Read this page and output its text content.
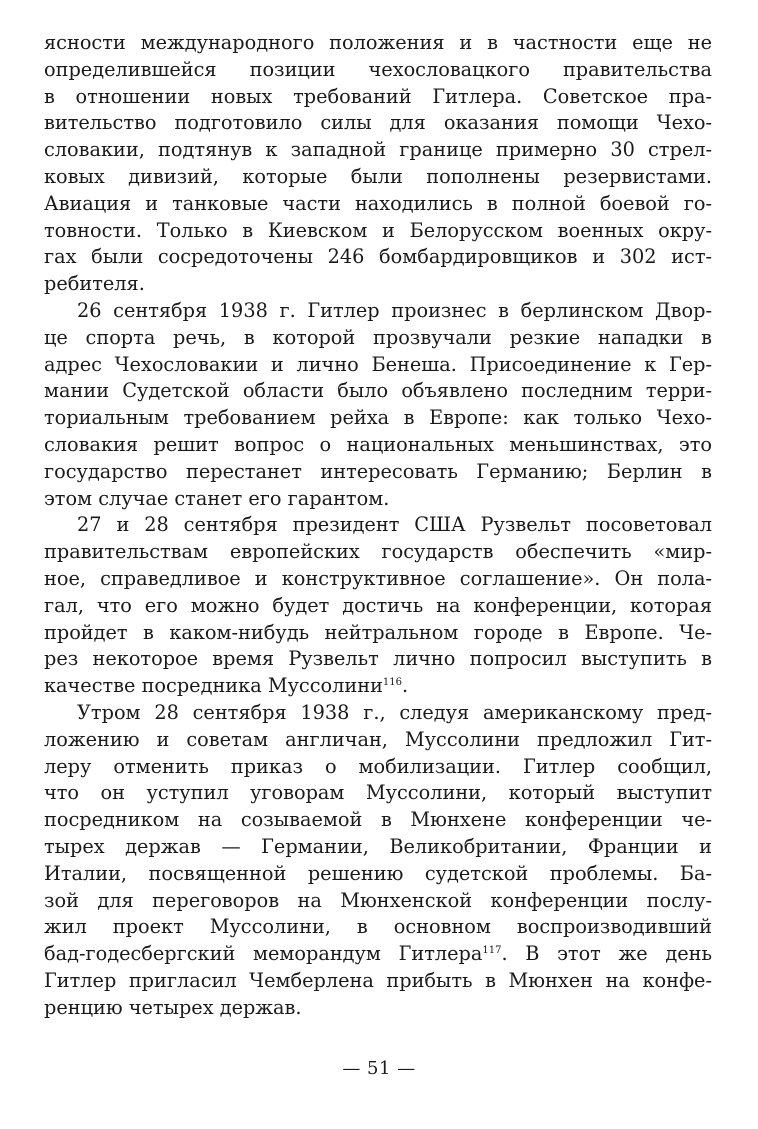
ясности международного положения и в частности еще не
определившейся позиции чехословацкого правительства
в отношении новых требований Гитлера. Советское пра-
вительство подготовило силы для оказания помощи Чехо-
словакии, подтянув к западной границе примерно 30 стрел-
ковых дивизий, которые были пополнены резервистами.
Авиация и танковые части находились в полной боевой го-
товности. Только в Киевском и Белорусском военных окру-
гах были сосредоточены 246 бомбардировщиков и 302 ист-
ребителя.
26 сентября 1938 г. Гитлер произнес в берлинском Двор-
це спорта речь, в которой прозвучали резкие нападки в
адрес Чехословакии и лично Бенеша. Присоединение к Гер-
мании Судетской области было объявлено последним терри-
ториальным требованием рейха в Европе: как только Чехо-
словакия решит вопрос о национальных меньшинствах, это
государство перестанет интересовать Германию; Берлин в
этом случае станет его гарантом.
27 и 28 сентября президент США Рузвельт посоветовал
правительствам европейских государств обеспечить «мир-
ное, справедливое и конструктивное соглашение». Он пола-
гал, что его можно будет достичь на конференции, которая
пройдет в каком-нибудь нейтральном городе в Европе. Че-
рез некоторое время Рузвельт лично попросил выступить в
качестве посредника Муссолини$^{116}$.
Утром 28 сентября 1938 г., следуя американскому пред-
ложению и советам англичан, Муссолини предложил Гит-
леру отменить приказ о мобилизации. Гитлер сообщил,
что он уступил уговорам Муссолини, который выступит
посредником на созываемой в Мюнхене конференции че-
тырех держав — Германии, Великобритании, Франции и
Италии, посвященной решению судетской проблемы. Ба-
зой для переговоров на Мюнхенской конференции послу-
жил проект Муссолини, в основном воспроизводивший
бад-годесбергский меморандум Гитлера$^{117}$. В этот же день
Гитлер пригласил Чемберлена прибыть в Мюнхен на конфе-
ренцию четырех держав.
— 51 —
